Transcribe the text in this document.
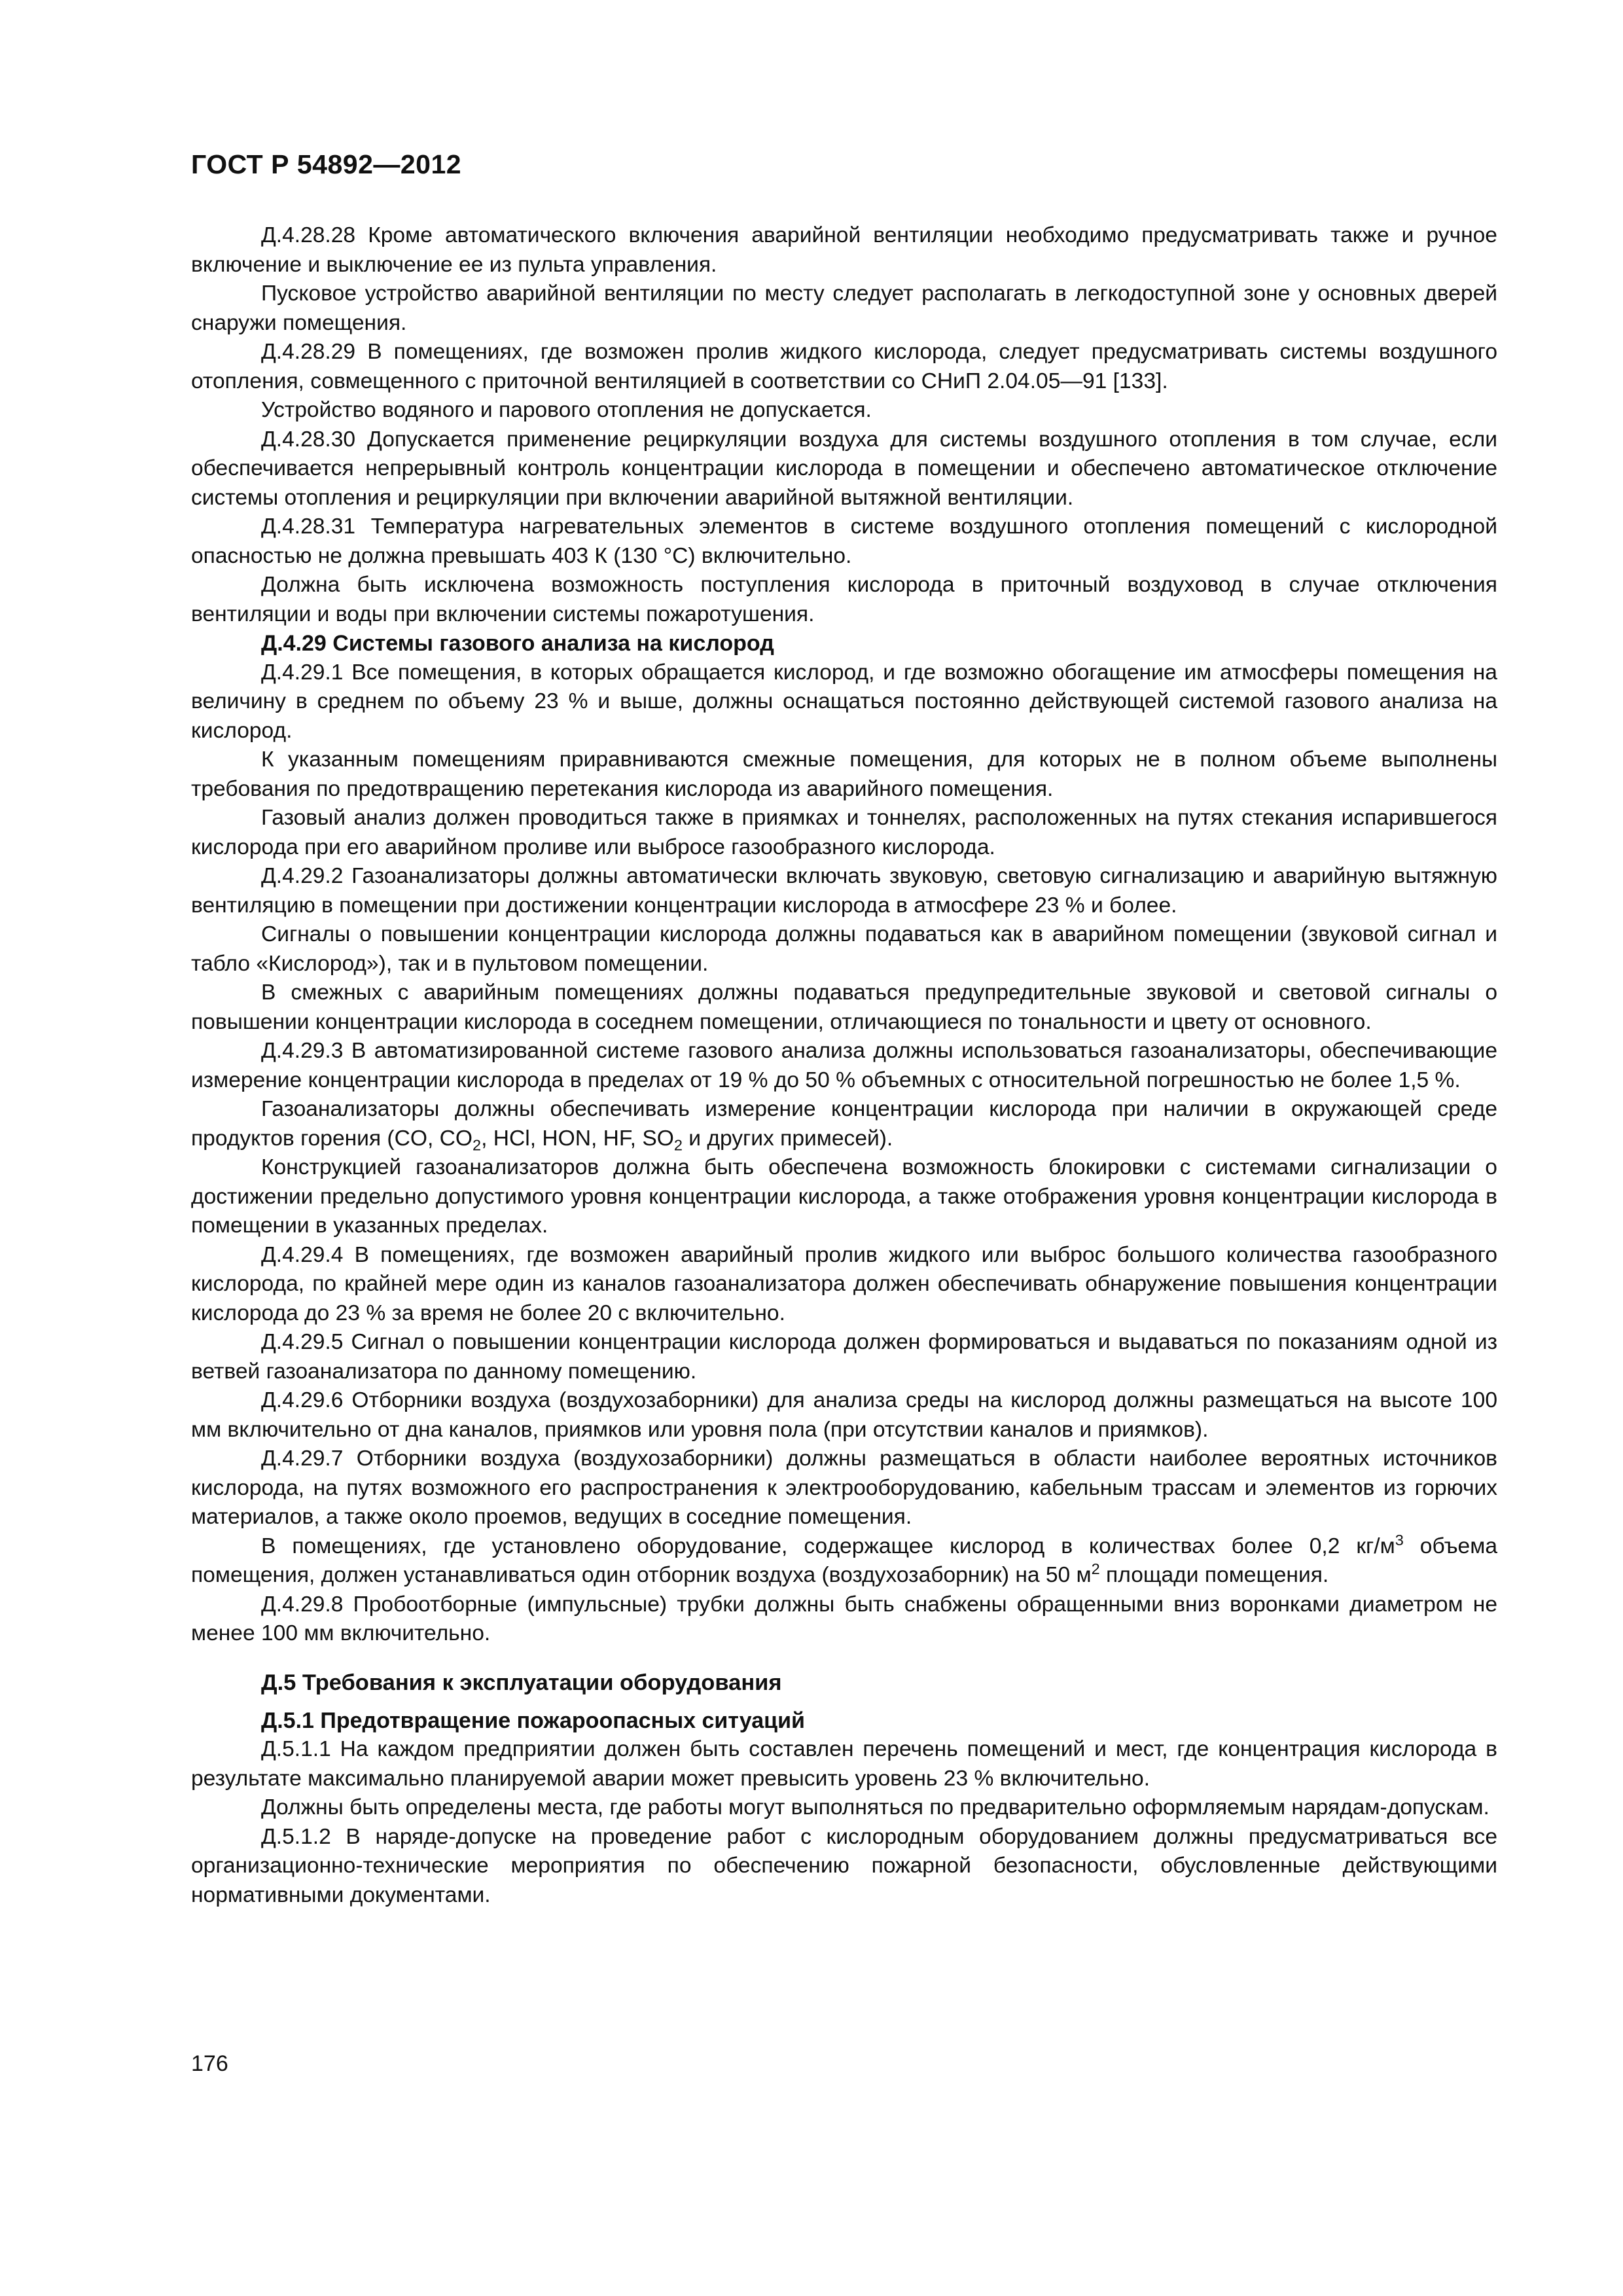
ГОСТ Р 54892—2012

Д.4.28.28 Кроме автоматического включения аварийной вентиляции необходимо предусматривать также и ручное включение и выключение ее из пульта управления.

Пусковое устройство аварийной вентиляции по месту следует располагать в легкодоступной зоне у основных дверей снаружи помещения.

Д.4.28.29 В помещениях, где возможен пролив жидкого кислорода, следует предусматривать системы воздушного отопления, совмещенного с приточной вентиляцией в соответствии со СНиП 2.04.05—91 [133].

Устройство водяного и парового отопления не допускается.

Д.4.28.30 Допускается применение рециркуляции воздуха для системы воздушного отопления в том случае, если обеспечивается непрерывный контроль концентрации кислорода в помещении и обеспечено автоматическое отключение системы отопления и рециркуляции при включении аварийной вытяжной вентиляции.

Д.4.28.31 Температура нагревательных элементов в системе воздушного отопления помещений с кислородной опасностью не должна превышать 403 К (130 °С) включительно.

Должна быть исключена возможность поступления кислорода в приточный воздуховод в случае отключения вентиляции и воды при включении системы пожаротушения.

Д.4.29 Системы газового анализа на кислород

Д.4.29.1 Все помещения, в которых обращается кислород, и где возможно обогащение им атмосферы помещения на величину в среднем по объему 23 % и выше, должны оснащаться постоянно действующей системой газового анализа на кислород.

К указанным помещениям приравниваются смежные помещения, для которых не в полном объеме выполнены требования по предотвращению перетекания кислорода из аварийного помещения.

Газовый анализ должен проводиться также в приямках и тоннелях, расположенных на путях стекания испарившегося кислорода при его аварийном проливе или выбросе газообразного кислорода.

Д.4.29.2 Газоанализаторы должны автоматически включать звуковую, световую сигнализацию и аварийную вытяжную вентиляцию в помещении при достижении концентрации кислорода в атмосфере 23 % и более.

Сигналы о повышении концентрации кислорода должны подаваться как в аварийном помещении (звуковой сигнал и табло «Кислород»), так и в пультовом помещении.

В смежных с аварийным помещениях должны подаваться предупредительные звуковой и световой сигналы о повышении концентрации кислорода в соседнем помещении, отличающиеся по тональности и цвету от основного.

Д.4.29.3 В автоматизированной системе газового анализа должны использоваться газоанализаторы, обеспечивающие измерение концентрации кислорода в пределах от 19 % до 50 % объемных с относительной погрешностью не более 1,5 %.

Газоанализаторы должны обеспечивать измерение концентрации кислорода при наличии в окружающей среде продуктов горения (CO, $CO_2$, HCl, HON, HF, $SO_2$ и других примесей).

Конструкцией газоанализаторов должна быть обеспечена возможность блокировки с системами сигнализации о достижении предельно допустимого уровня концентрации кислорода, а также отображения уровня концентрации кислорода в помещении в указанных пределах.

Д.4.29.4 В помещениях, где возможен аварийный пролив жидкого или выброс большого количества газообразного кислорода, по крайней мере один из каналов газоанализатора должен обеспечивать обнаружение повышения концентрации кислорода до 23 % за время не более 20 с включительно.

Д.4.29.5 Сигнал о повышении концентрации кислорода должен формироваться и выдаваться по показаниям одной из ветвей газоанализатора по данному помещению.

Д.4.29.6 Отборники воздуха (воздухозаборники) для анализа среды на кислород должны размещаться на высоте 100 мм включительно от дна каналов, приямков или уровня пола (при отсутствии каналов и приямков).

Д.4.29.7 Отборники воздуха (воздухозаборники) должны размещаться в области наиболее вероятных источников кислорода, на путях возможного его распространения к электрооборудованию, кабельным трассам и элементов из горючих материалов, а также около проемов, ведущих в соседние помещения.

В помещениях, где установлено оборудование, содержащее кислород в количествах более 0,2 $кг/м^3$ объема помещения, должен устанавливаться один отборник воздуха (воздухозаборник) на 50 $м^2$ площади помещения.

Д.4.29.8 Пробоотборные (импульсные) трубки должны быть снабжены обращенными вниз воронками диаметром не менее 100 мм включительно.

Д.5 Требования к эксплуатации оборудования
Д.5.1 Предотвращение пожароопасных ситуаций

Д.5.1.1 На каждом предприятии должен быть составлен перечень помещений и мест, где концентрация кислорода в результате максимально планируемой аварии может превысить уровень 23 % включительно.

Должны быть определены места, где работы могут выполняться по предварительно оформляемым нарядам-допускам.

Д.5.1.2 В наряде-допуске на проведение работ с кислородным оборудованием должны предусматриваться все организационно-технические мероприятия по обеспечению пожарной безопасности, обусловленные действующими нормативными документами.

176
